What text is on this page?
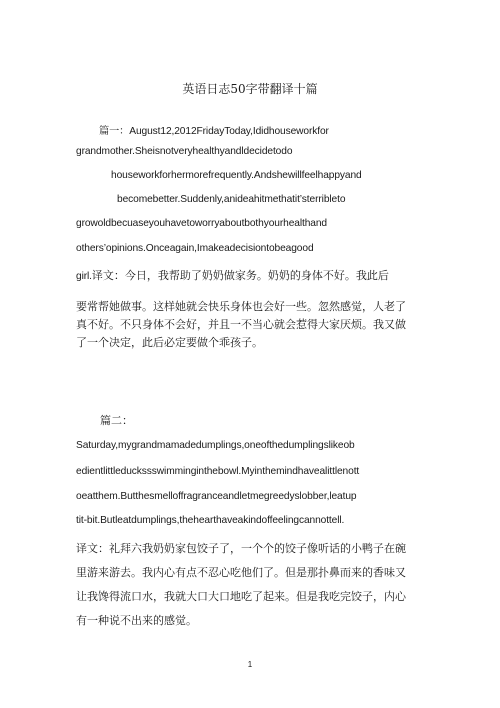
英语日志50字带翻译十篇
篇一：August12,2012FridayToday,Ididhouseworkfor
grandmother.Sheisnotveryhealthyandldecidetodo
houseworkforhermorefrequently.Andshewillfeelhappyand
becomebetter.Suddenly,anideahitmethatit’sterribleto
growoldbecuaseyouhavetoworryaboutbothyourhealthand
others’opinions.Onceagain,Imakeadecisiontobeagood
girl.译文：今日，我帮助了奶奶做家务。奶奶的身体不好。我此后
要常帮她做事。这样她就会快乐身体也会好一些。忽然感觉，人老了
真不好。不只身体不会好，并且一不当心就会惹得大家厌烦。我又做
了一个决定，此后必定要做个乖孩子。
篇二：
Saturday,mygrandmamadedumplings,oneofthedumplingslikeob
edientlittleduckssswimminginthebowl.Myinthemindhavealittlenott
oeatthem.Butthesmelloffragranceandletmegreedyslobber,leatup
tit-bit.Butleatdumplings,thehearthaveakindoffeelingcannottell.
译文：礼拜六我奶奶家包饺子了，一个个的饺子像听话的小鸭子在碗
里游来游去。我内心有点不忍心吃他们了。但是那扑鼻而来的香味又
让我馋得流口水，我就大口大口地吃了起来。但是我吃完饺子，内心
有一种说不出来的感觉。
1
